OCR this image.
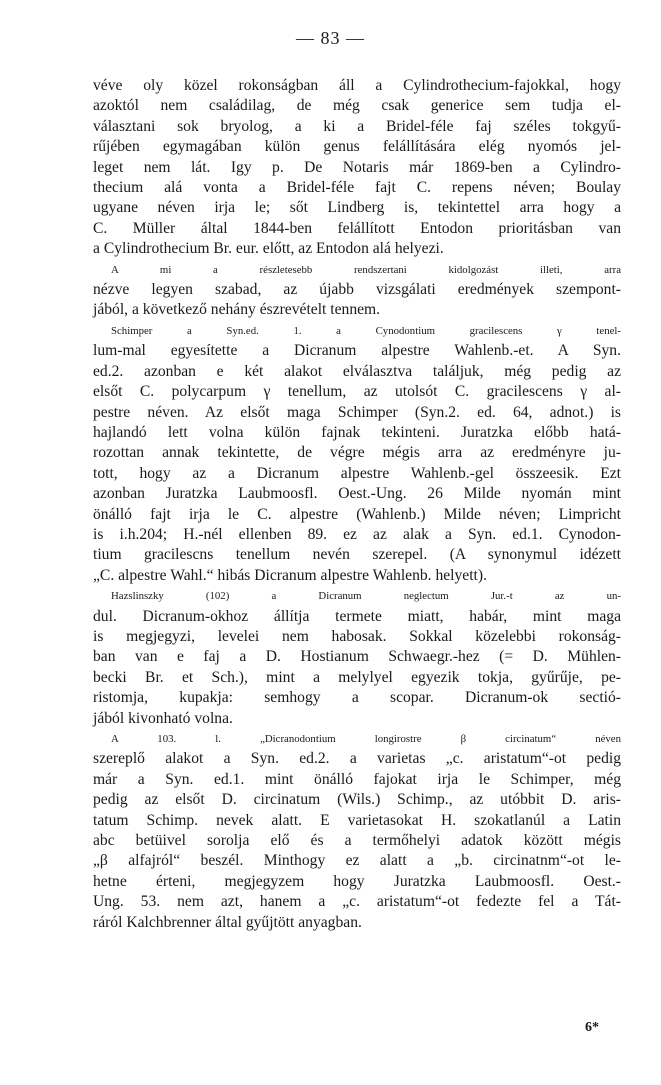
— 83 —
véve oly közel rokonságban áll a Cylindrothecium-fajokkal, hogy
azoktól nem családilag, de még csak generice sem tudja el-
választani sok bryolog, a ki a Bridel-féle faj széles tokgyű-
rűjében egymagában külön genus felállítására elég nyomós jel-
leget nem lát. Igy p. De Notaris már 1869-ben a Cylindro-
thecium alá vonta a Bridel-féle fajt C. repens néven; Boulay
ugyane néven irja le; sőt Lindberg is, tekintettel arra hogy a
C. Müller által 1844-ben felállított Entodon prioritásban van
a Cylindrothecium Br. eur. előtt, az Entodon alá helyezi.
A mi a részletesebb rendszertani kidolgozást illeti, arra
nézve legyen szabad, az újabb vizsgálati eredmények szempont-
jából, a következő nehány észrevételt tennem.
Schimper a Syn.ed. 1. a Cynodontium gracilescens γ tenel-
lum-mal egyesítette a Dicranum alpestre Wahlenb.-et. A Syn.
ed.2. azonban e két alakot elválasztva találjuk, még pedig az
elsőt C. polycarpum γ tenellum, az utolsót C. gracilescens γ al-
pestre néven. Az elsőt maga Schimper (Syn.2. ed. 64, adnot.) is
hajlandó lett volna külön fajnak tekinteni. Juratzka előbb hatá-
rozottan annak tekintette, de végre mégis arra az eredményre ju-
tott, hogy az a Dicranum alpestre Wahlenb.-gel összeesik. Ezt
azonban Juratzka Laubmoosfl. Oest.-Ung. 26 Milde nyomán mint
önálló fajt irja le C. alpestre (Wahlenb.) Milde néven; Limpricht
is i.h.204; H.-nél ellenben 89. ez az alak a Syn. ed.1. Cynodon-
tium gracilescns tenellum nevén szerepel. (A synonymul idézett
„C. alpestre Wahl.“ hibás Dicranum alpestre Wahlenb. helyett).
Hazslinszky (102) a Dicranum neglectum Jur.-t az un-
dul. Dicranum-okhoz állítja termete miatt, habár, mint maga
is megjegyzi, levelei nem habosak. Sokkal közelebbi rokonság-
ban van e faj a D. Hostianum Schwaegr.-hez (= D. Mühlen-
becki Br. et Sch.), mint a melylyel egyezik tokja, gyűrűje, pe-
ristomja, kupakja: semhogy a scopar. Dicranum-ok sectió-
jából kivonható volna.
A 103. l. „Dicranodontium longirostre β circinatum“ néven
szereplő alakot a Syn. ed.2. a varietas „c. aristatum“-ot pedig
már a Syn. ed.1. mint önálló fajokat irja le Schimper, még
pedig az elsőt D. circinatum (Wils.) Schimp., az utóbbit D. aris-
tatum Schimp. nevek alatt. E varietasokat H. szokatlanúl a Latin
abc betüivel sorolja elő és a termőhelyi adatok között mégis
„β alfajról“ beszél. Minthogy ez alatt a „b. circinatnm“-ot le-
hetne érteni, megjegyzem hogy Juratzka Laubmoosfl. Oest.-
Ung. 53. nem azt, hanem a „c. aristatum“-ot fedezte fel a Tát-
ráról Kalchbrenner által gyűjtött anyagban.
6*
